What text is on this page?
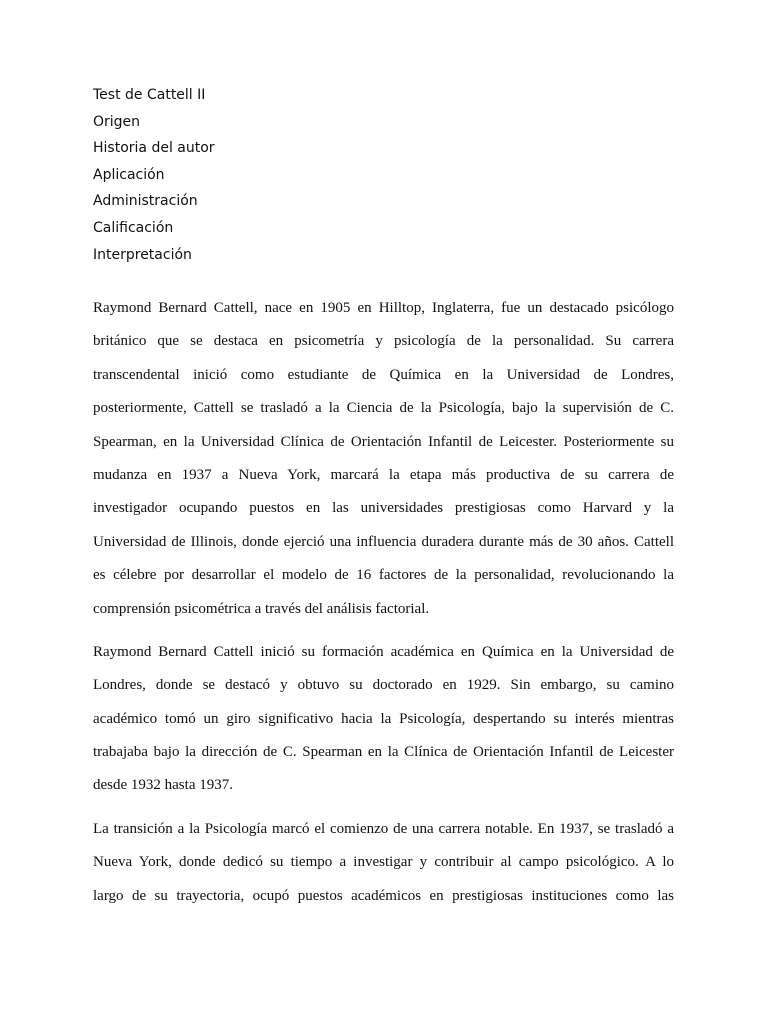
Test de Cattell II
Origen
Historia del autor
Aplicación
Administración
Calificación
Interpretación
Raymond Bernard Cattell, nace en 1905 en Hilltop, Inglaterra, fue un destacado psicólogo
británico que se destaca en psicometría y psicología de la personalidad. Su carrera
transcendental inició como estudiante de Química en la Universidad de Londres,
posteriormente, Cattell se trasladó a la Ciencia de la Psicología, bajo la supervisión de C.
Spearman, en la Universidad Clínica de Orientación Infantil de Leicester. Posteriormente su
mudanza en 1937 a Nueva York, marcará la etapa más productiva de su carrera de
investigador ocupando puestos en las universidades prestigiosas como Harvard y la
Universidad de Illinois, donde ejerció una influencia duradera durante más de 30 años. Cattell
es célebre por desarrollar el modelo de 16 factores de la personalidad, revolucionando la
comprensión psicométrica a través del análisis factorial.
Raymond Bernard Cattell inició su formación académica en Química en la Universidad de
Londres, donde se destacó y obtuvo su doctorado en 1929. Sin embargo, su camino
académico tomó un giro significativo hacia la Psicología, despertando su interés mientras
trabajaba bajo la dirección de C. Spearman en la Clínica de Orientación Infantil de Leicester
desde 1932 hasta 1937.
La transición a la Psicología marcó el comienzo de una carrera notable. En 1937, se trasladó a
Nueva York, donde dedicó su tiempo a investigar y contribuir al campo psicológico. A lo
largo de su trayectoria, ocupó puestos académicos en prestigiosas instituciones como las
